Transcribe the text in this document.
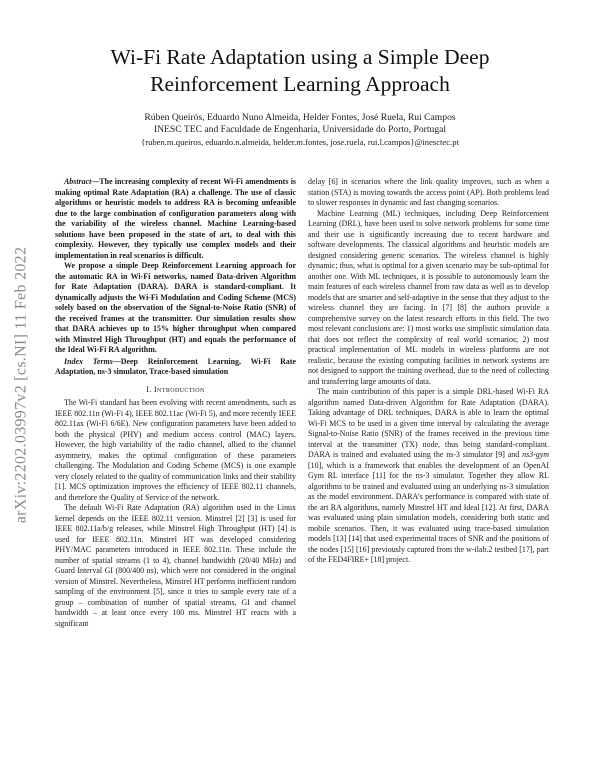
arXiv:2202.03997v2 [cs.NI] 11 Feb 2022
Wi-Fi Rate Adaptation using a Simple Deep
Reinforcement Learning Approach
Rúben Queirós, Eduardo Nuno Almeida, Helder Fontes, José Ruela, Rui Campos
INESC TEC and Faculdade de Engenharia, Universidade do Porto, Portugal
{ruben.m.queiros, eduardo.n.almeida, helder.m.fontes, jose.ruela, rui.l.campos}@inesctec.pt

Abstract—The increasing complexity of recent Wi-Fi amendments is making optimal Rate Adaptation (RA) a challenge. The use of classic algorithms or heuristic models to address RA is becoming unfeasible due to the large combination of configuration parameters along with the variability of the wireless channel. Machine Learning-based solutions have been proposed in the state of art, to deal with this complexity. However, they typically use complex models and their implementation in real scenarios is difficult.

We propose a simple Deep Reinforcement Learning approach for the automatic RA in Wi-Fi networks, named Data-driven Algorithm for Rate Adaptation (DARA). DARA is standard-compliant. It dynamically adjusts the Wi-Fi Modulation and Coding Scheme (MCS) solely based on the observation of the Signal-to-Noise Ratio (SNR) of the received frames at the transmitter. Our simulation results show that DARA achieves up to 15% higher throughput when compared with Minstrel High Throughput (HT) and equals the performance of the Ideal Wi-Fi RA algorithm.

Index Terms—Deep Reinforcement Learning, Wi-Fi Rate Adaptation, ns-3 simulator, Trace-based simulation

I. Introduction

The Wi-Fi standard has been evolving with recent amendments, such as IEEE 802.11n (Wi-Fi 4), IEEE 802.11ac (Wi-Fi 5), and more recently IEEE 802.11ax (Wi-Fi 6/6E). New configuration parameters have been added to both the physical (PHY) and medium access control (MAC) layers. However, the high variability of the radio channel, allied to the channel asymmetry, makes the optimal configuration of these parameters challenging. The Modulation and Coding Scheme (MCS) is one example very closely related to the quality of communication links and their stability [1]. MCS optimization improves the efficiency of IEEE 802.11 channels, and therefore the Quality of Service of the network.

The default Wi-Fi Rate Adaptation (RA) algorithm used in the Linux kernel depends on the IEEE 802.11 version. Minstrel [2] [3] is used for IEEE 802.11a/b/g releases, while Minstrel High Throughput (HT) [4] is used for IEEE 802.11n. Minstrel HT was developed considering PHY/MAC parameters introduced in IEEE 802.11n. These include the number of spatial streams (1 to 4), channel bandwidth (20/40 MHz) and Guard Interval GI (800/400 ns), which were not considered in the original version of Minstrel. Nevertheless, Minstrel HT performs inefficient random sampling of the environment [5], since it tries to sample every rate of a group – combination of number of spatial streams, GI and channel bandwidth – at least once every 100 ms. Minstrel HT reacts with a significant

delay [6] in scenarios where the link quality improves, such as when a station (STA) is moving towards the access point (AP). Both problems lead to slower responses in dynamic and fast changing scenarios.

Machine Learning (ML) techniques, including Deep Reinforcement Learning (DRL), have been used to solve network problems for some time and their use is significantly increasing due to recent hardware and software developments. The classical algorithms and heuristic models are designed considering generic scenarios. The wireless channel is highly dynamic; thus, what is optimal for a given scenario may be sub-optimal for another one. With ML techniques, it is possible to autonomously learn the main features of each wireless channel from raw data as well as to develop models that are smarter and self-adaptive in the sense that they adjust to the wireless channel they are facing. In [7] [8] the authors provide a comprehensive survey on the latest research efforts in this field. The two most relevant conclusions are: 1) most works use simplistic simulation data that does not reflect the complexity of real world scenarios; 2) most practical implementation of ML models in wireless platforms are not realistic, because the existing computing facilities in network systems are not designed to support the training overhead, due to the need of collecting and transferring large amounts of data.

The main contribution of this paper is a simple DRL-based Wi-Fi RA algorithm named Data-driven Algorithm for Rate Adaptation (DARA). Taking advantage of DRL techniques, DARA is able to learn the optimal Wi-Fi MCS to be used in a given time interval by calculating the average Signal-to-Noise Ratio (SNR) of the frames received in the previous time interval at the transmitter (TX) node, thus being standard-compliant. DARA is trained and evaluated using the ns-3 simulator [9] and ns3-gym [10], which is a framework that enables the development of an OpenAI Gym RL interface [11] for the ns-3 simulator. Together they allow RL algorithms to be trained and evaluated using an underlying ns-3 simulation as the model environment. DARA’s performance is compared with state of the art RA algorithms, namely Minstrel HT and Ideal [12]. At first, DARA was evaluated using plain simulation models, considering both static and mobile scenarios. Then, it was evaluated using trace-based simulation models [13] [14] that used experimental traces of SNR and the positions of the nodes [15] [16] previously captured from the w-ilab.2 testbed [17], part of the FED4FIRE+ [18] project.
